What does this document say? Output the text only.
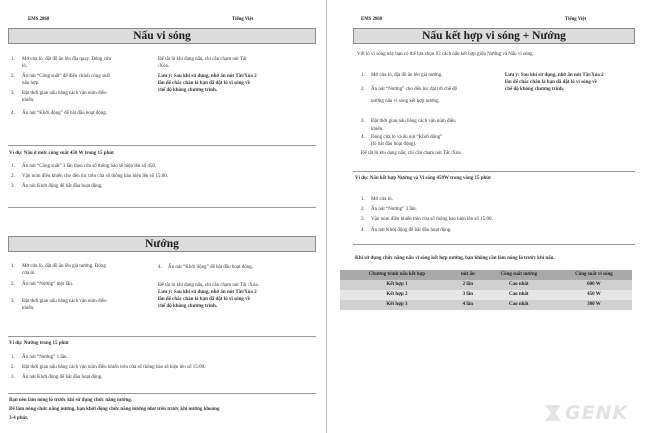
EMS 2860	Tiếng Việt
Nấu vi sóng
1. Mở cửa lò, đặt đồ ăn lên đĩa quay. Đóng cửa
lò.
2. Ấn nút “Công suất” để điều chỉnh công suất
nấu hợp.
3. Đặt thời gian nấu bằng cách vặn núm điều
khiển.
4. Ấn nút “Khởi động” để bắt đầu hoạt động.
Để tắt lò khi đang nấu, chỉ cần chạm nút Tắt
/Xóa.
Lưu ý: Sau khi sử dụng, nhớ ấn nút Tắt/Xóa 2
lần để chắc chắn là bạn đã đặt lò vi sóng về
chế độ không chương trình.
Ví dụ: Nấu ở mức công suất 450 W trong 15 phút
1. Ấn nút “Công suất” 3 lần theo cửa sổ thông báo sẽ hiện lên số 450.
2. Vặn núm điều khiển cho đến lúc trên cửa sổ thông báo hiện lên số 15:00.
3. Ấn nút Khởi động để bắt đầu hoạt động.
Nướng
1. Mở cửa lò, đặt đồ ăn lên giá nướng. Đóng
cửa lò.
2. Ấn nút “Nướng” một lần.
3. Đặt thời gian nấu bằng cách vặn núm điều
khiển.
4. Ấn nút “Khởi động” để bắt đầu hoạt động.
Để tắt lò khi đang nấu, chỉ cần chạm nút Tắt /Xóa.
Lưu ý: Sau khi sử dụng, nhớ ấn nút Tắt/Xóa 2
lần để chắc chắn là bạn đã đặt lò vi sóng về
chế độ không chương trình.
Ví dụ: Nướng trong 15 phút
1. Ấn nút “Nướng” 1 lần.
2. Đặt thời gian nấu bằng cách vặn núm điều khiển trên cửa sổ thông báo sẽ hiện lên số 15:00.
3. Ấn nút Khởi động để bắt đầu hoạt động.
Bạn nên làm nóng lò trước khi sử dụng chức năng nướng.
Để làm nóng chức năng nướng, bạn khởi động chức năng nướng như trên trước khi nướng khoảng
3-4 phút.
EMS 2860	Tiếng Việt
Nấu kết hợp vi sóng + Nướng
Với lò vi sóng này bạn có thể lựa chọn 03 cách nấu kết hợp giữa Nướng và Nấu vi sóng.
1. Mở cửa lò, đặt đồ ăn lên giá nướng.
2. Ấn nút “Nướng” cho đến lúc đạt tới chế độ
nướng nấu vi sóng kết hợp nướng.
3. Đặt thời gian nấu bằng cách vặn núm điều
khiển.
4. Đóng cửa lò và ấn nút “Khởi động”
(lò bắt đầu hoạt động).
Để tắt lò khi đang nấu, chỉ cần chạm nút Tắt /Xóa.
Lưu ý: Sau khi sử dụng, nhớ ấn nút Tắt/Xóa 2
lần để chắc chắn là bạn đã đặt lò vi sóng về
chế độ không chương trình.
Ví dụ: Nấu kết hợp Nướng và Vi sóng 450W trong vòng 15 phút
1. Mở cửa lò.
2. Ấn nút “Nướng” 3 lần.
3. Vặn núm điều khiển trên cửa sổ thông báo hiện lên số 15:00.
4. Ấn nút Khởi động để bắt đầu hoạt động.
Khi sử dụng chức năng nấu vi sóng kết hợp nướng, bạn không cần làm nóng lò trước khi nấu.
Chương trình nấu kết hợp	nút ấn	Công suất nướng	Công suất vi sóng
Kết hợp 1	2 lần	Cao nhất	600 W
Kết hợp 2	3 lần	Cao nhất	450 W
Kết hợp 3	4 lần	Cao nhất	300 W
GENK
